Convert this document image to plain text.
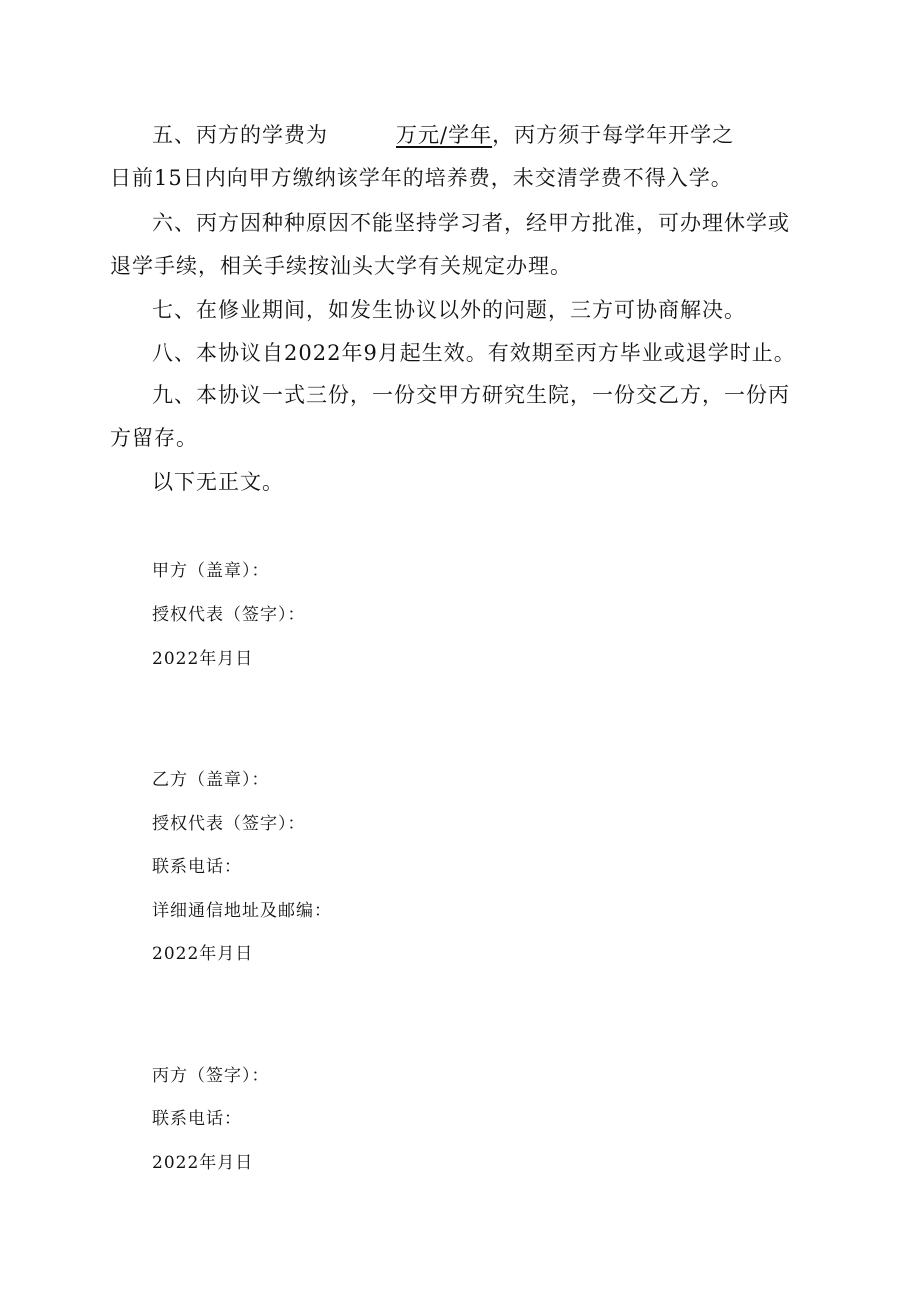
五、丙方的学费为	万元/学年，丙方须于每学年开学之
日前15日内向甲方缴纳该学年的培养费，未交清学费不得入学。

六、丙方因种种原因不能坚持学习者，经甲方批准，可办理休学或退学手续，相关手续按汕头大学有关规定办理。

七、在修业期间，如发生协议以外的问题，三方可协商解决。
八、本协议自2022年9月起生效。有效期至丙方毕业或退学时止。

九、本协议一式三份，一份交甲方研究生院，一份交乙方，一份丙方留存。

以下无正文。
甲方（盖章）：
授权代表（签字）：
2022年月日
乙方（盖章）：
授权代表（签字）：
联系电话：
详细通信地址及邮编：
2022年月日
丙方（签字）：
联系电话：
2022年月日
